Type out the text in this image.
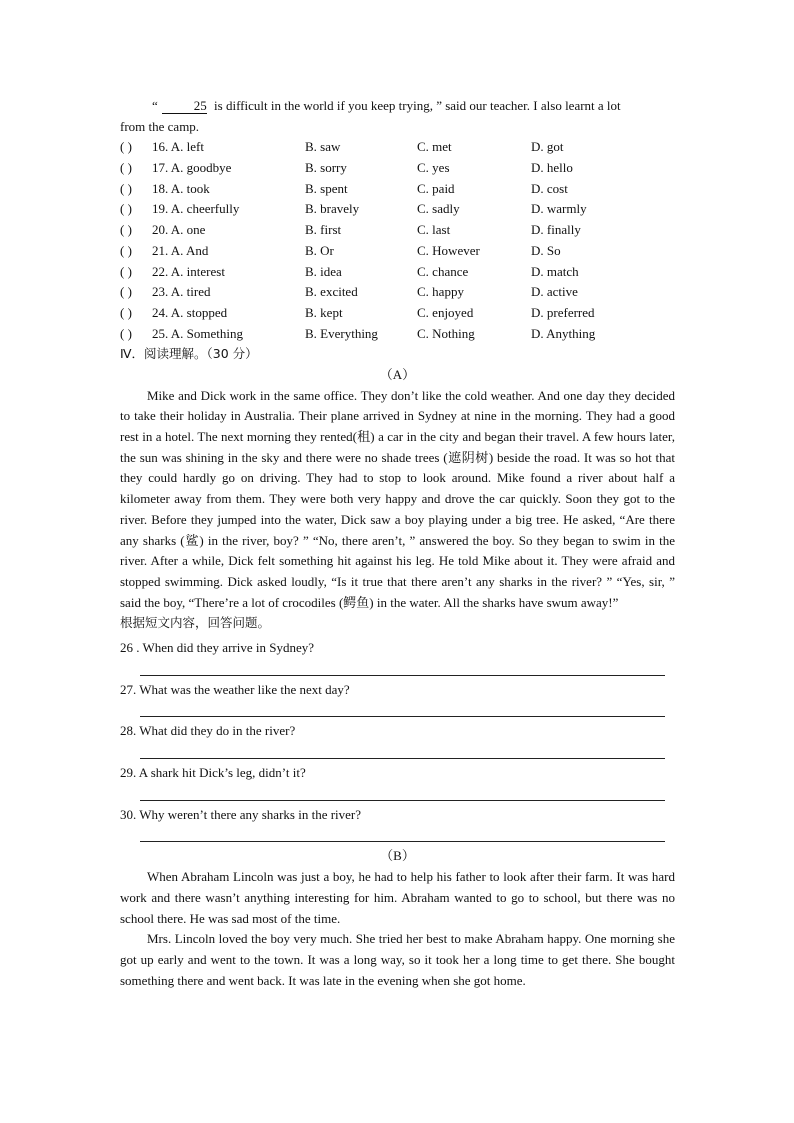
“	25 is difficult in the world if you keep trying, ” said our teacher. I also learnt a lot
from the camp.
( ) 16. A. left	B. saw	C. met	D. got
( ) 17. A. goodbye	B. sorry	C. yes	D. hello
( ) 18. A. took	B. spent	C. paid	D. cost
( ) 19. A. cheerfully	B. bravely	C. sadly	D. warmly
( ) 20. A. one	B. first	C. last	D. finally
( ) 21. A. And	B. Or	C. However	D. So
( ) 22. A. interest	B. idea	C. chance	D. match
( ) 23. A. tired	B. excited	C. happy	D. active
( ) 24. A. stopped	B. kept	C. enjoyed	D. preferred
( ) 25. A. Something	B. Everything	C. Nothing	D. Anything
Ⅳ．阅读理解。（30 分）
（A）

Mike and Dick work in the same office. They don’t like the cold weather. And one day they decided to take their holiday in Australia. Their plane arrived in Sydney at nine in the morning. They had a good rest in a hotel. The next morning they rented(租) a car in the city and began their travel. A few hours later, the sun was shining in the sky and there were no shade trees (遮阴树) beside the road. It was so hot that they could hardly go on driving. They had to stop to look around. Mike found a river about half a kilometer away from them. They were both very happy and drove the car quickly. Soon they got to the river. Before they jumped into the water, Dick saw a boy playing under a big tree. He asked, “Are there any sharks (鲨) in the river, boy? ” “No, there aren’t, ” answered the boy. So they began to swim in the river. After a while, Dick felt something hit against his leg. He told Mike about it. They were afraid and stopped swimming. Dick asked loudly, “Is it true that there aren’t any sharks in the river? ” “Yes, sir, ” said the boy, “There’re a lot of crocodiles (鳄鱼) in the water. All the sharks have swum away!”

根据短文内容，回答问题。
26 . When did they arrive in Sydney?
27. What was the weather like the next day?
28. What did they do in the river?
29. A shark hit Dick’s leg, didn’t it?
30. Why weren’t there any sharks in the river?
（B）

When Abraham Lincoln was just a boy, he had to help his father to look after their farm. It was hard work and there wasn’t anything interesting for him. Abraham wanted to go to school, but there was no school there. He was sad most of the time.

Mrs. Lincoln loved the boy very much. She tried her best to make Abraham happy. One morning she got up early and went to the town. It was a long way, so it took her a long time to get there. She bought something there and went back. It was late in the evening when she got home.
